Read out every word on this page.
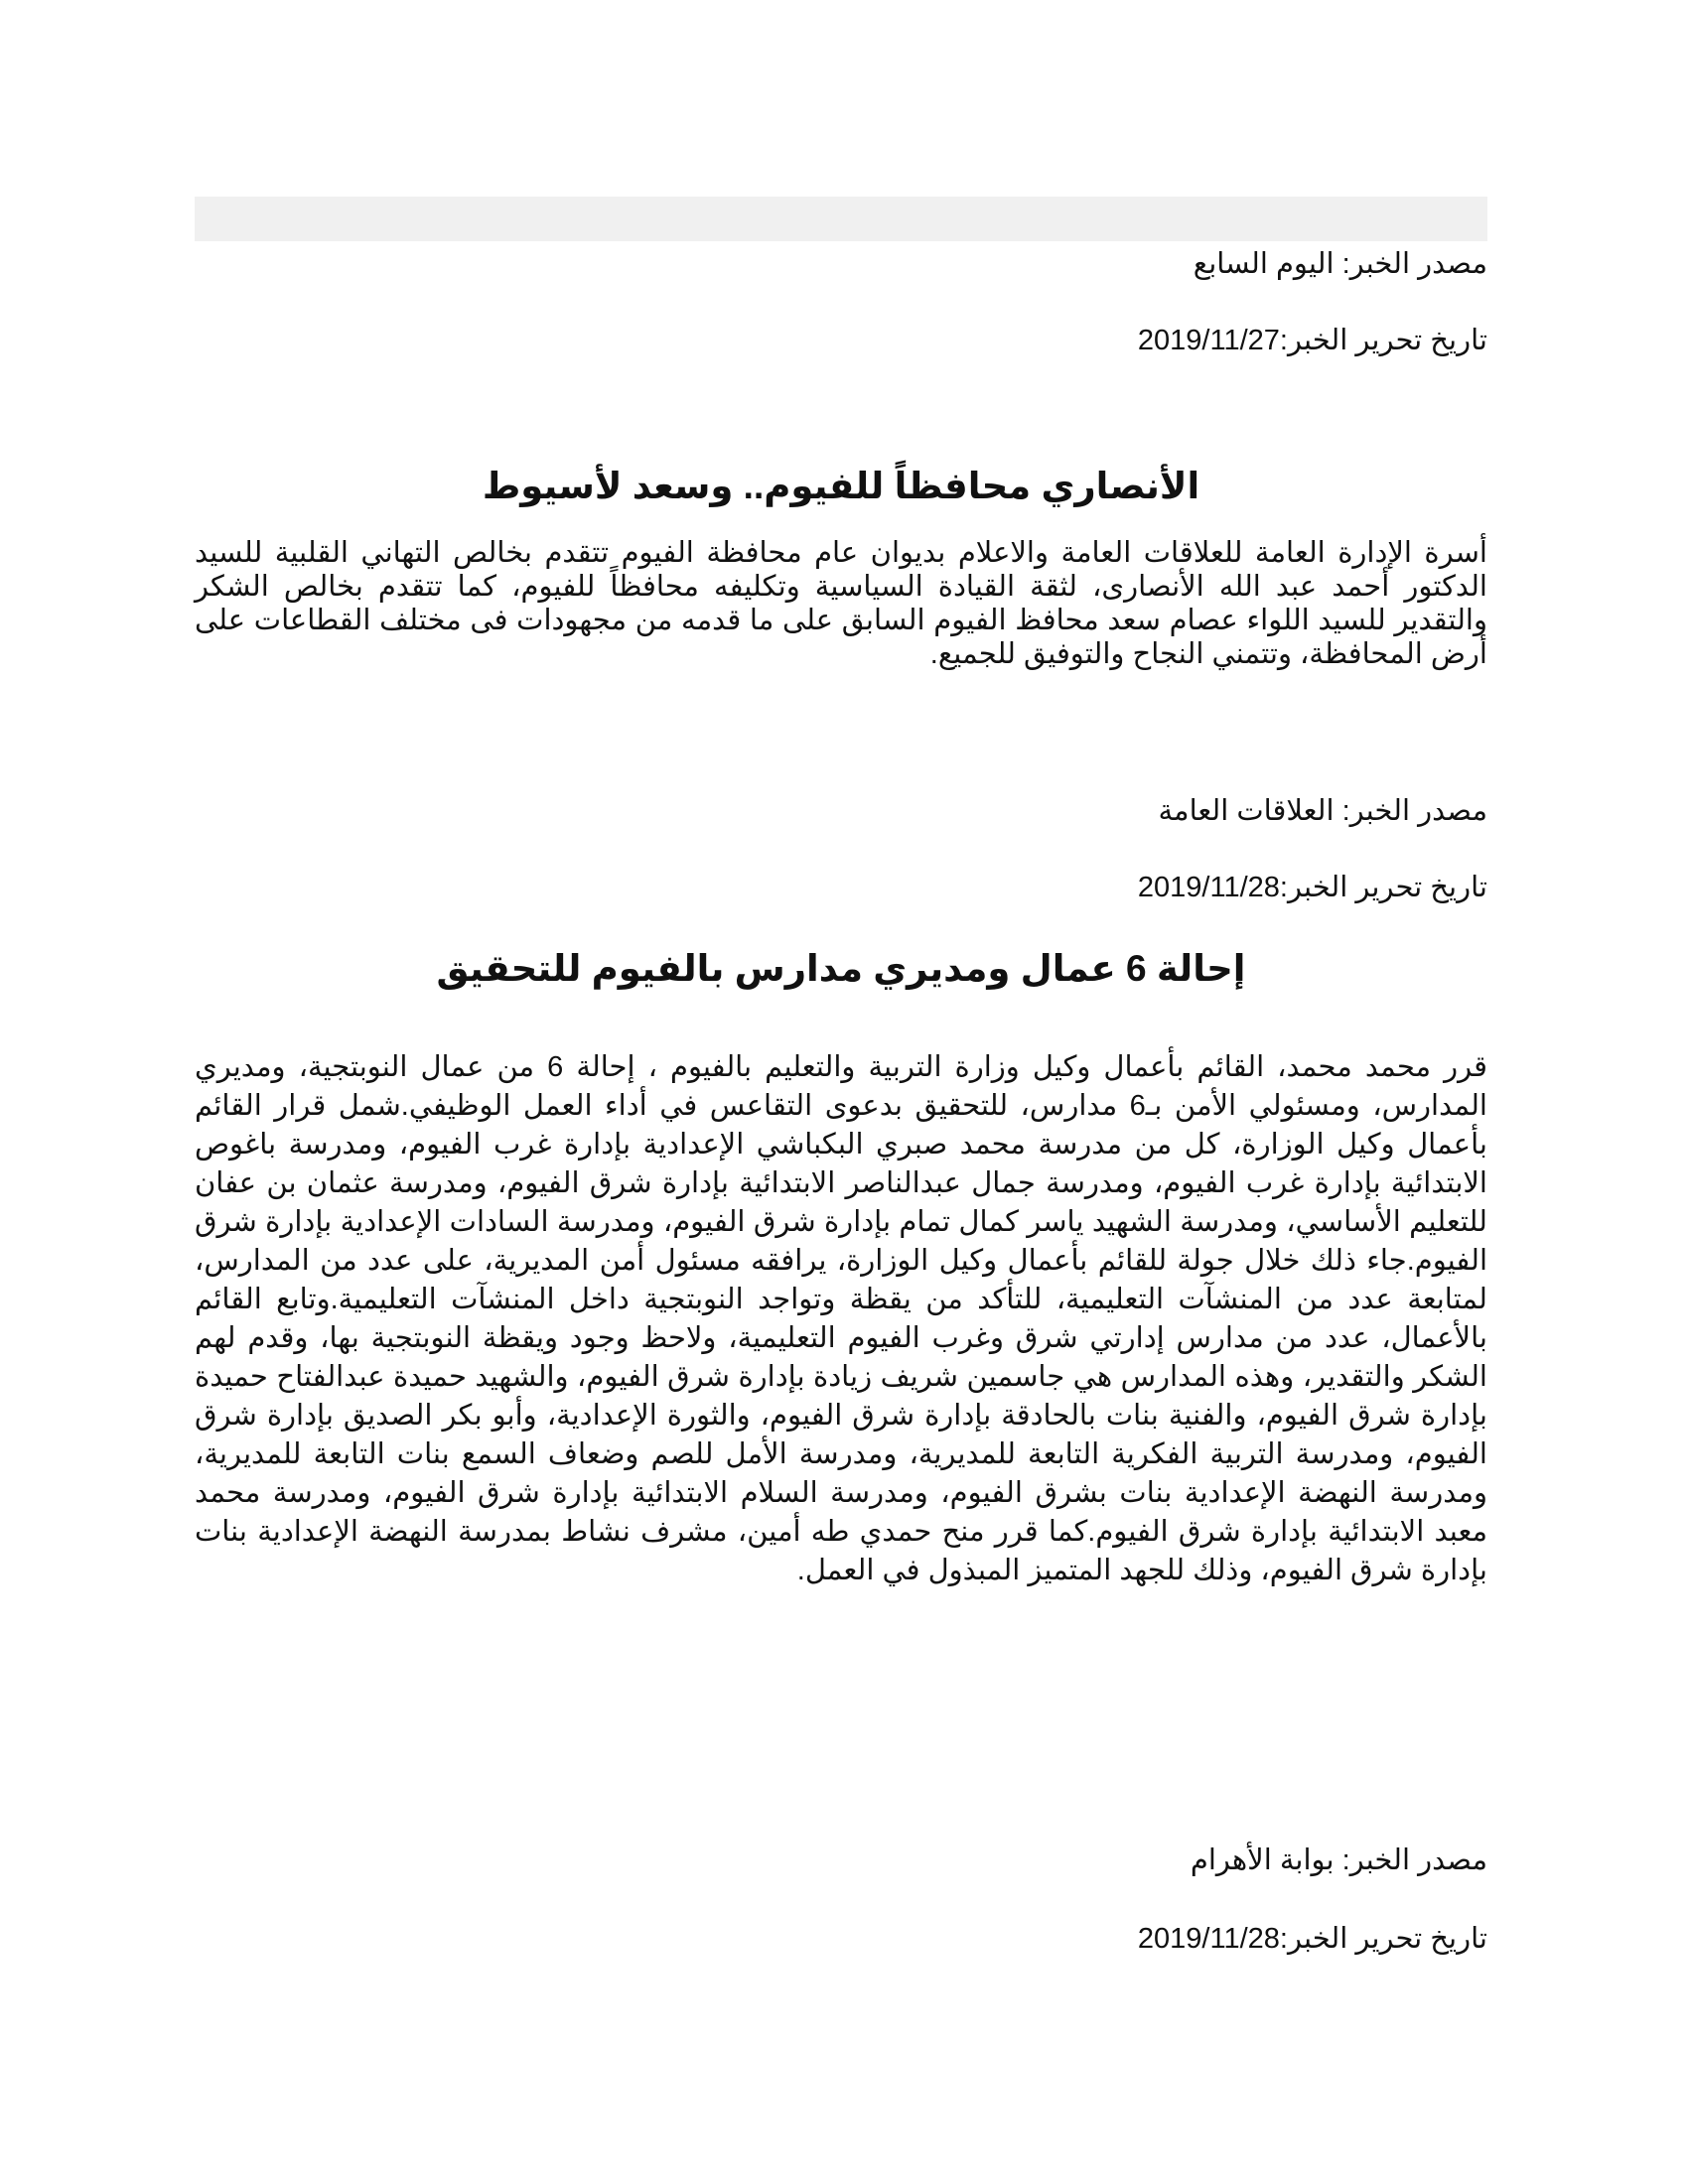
مصدر الخبر: اليوم السابع
تاريخ تحرير الخبر:2019/11/27
الأنصاري محافظاً للفيوم.. وسعد لأسيوط

أسرة الإدارة العامة للعلاقات العامة والاعلام بديوان عام محافظة الفيوم تتقدم بخالص التهاني القلبية للسيد الدكتور أحمد عبد الله الأنصارى، لثقة القيادة السياسية وتكليفه محافظاً للفيوم، كما تتقدم بخالص الشكر والتقدير للسيد اللواء عصام سعد محافظ الفيوم السابق على ما قدمه من مجهودات فى مختلف القطاعات على أرض المحافظة، وتتمني النجاح والتوفيق للجميع.

مصدر الخبر: العلاقات العامة
تاريخ تحرير الخبر:2019/11/28
إحالة 6 عمال ومديري مدارس بالفيوم للتحقيق

قرر محمد محمد، القائم بأعمال وكيل وزارة التربية والتعليم بالفيوم ، إحالة 6 من عمال النوبتجية، ومديري المدارس، ومسئولي الأمن بـ6 مدارس، للتحقيق بدعوى التقاعس في أداء العمل الوظيفي.شمل قرار القائم بأعمال وكيل الوزارة، كل من مدرسة محمد صبري البكباشي الإعدادية بإدارة غرب الفيوم، ومدرسة باغوص الابتدائية بإدارة غرب الفيوم، ومدرسة جمال عبدالناصر الابتدائية بإدارة شرق الفيوم، ومدرسة عثمان بن عفان للتعليم الأساسي، ومدرسة الشهيد ياسر كمال تمام بإدارة شرق الفيوم، ومدرسة السادات الإعدادية بإدارة شرق الفيوم.جاء ذلك خلال جولة للقائم بأعمال وكيل الوزارة، يرافقه مسئول أمن المديرية، على عدد من المدارس، لمتابعة عدد من المنشآت التعليمية، للتأكد من يقظة وتواجد النوبتجية داخل المنشآت التعليمية.وتابع القائم بالأعمال، عدد من مدارس إدارتي شرق وغرب الفيوم التعليمية، ولاحظ وجود ويقظة النوبتجية بها، وقدم لهم الشكر والتقدير، وهذه المدارس هي جاسمين شريف زيادة بإدارة شرق الفيوم، والشهيد حميدة عبدالفتاح حميدة بإدارة شرق الفيوم، والفنية بنات بالحادقة بإدارة شرق الفيوم، والثورة الإعدادية، وأبو بكر الصديق بإدارة شرق الفيوم، ومدرسة التربية الفكرية التابعة للمديرية، ومدرسة الأمل للصم وضعاف السمع بنات التابعة للمديرية، ومدرسة النهضة الإعدادية بنات بشرق الفيوم، ومدرسة السلام الابتدائية بإدارة شرق الفيوم، ومدرسة محمد معبد الابتدائية بإدارة شرق الفيوم.كما قرر منح حمدي طه أمين، مشرف نشاط بمدرسة النهضة الإعدادية بنات بإدارة شرق الفيوم، وذلك للجهد المتميز المبذول في العمل.

مصدر الخبر: بوابة الأهرام
تاريخ تحرير الخبر:2019/11/28
